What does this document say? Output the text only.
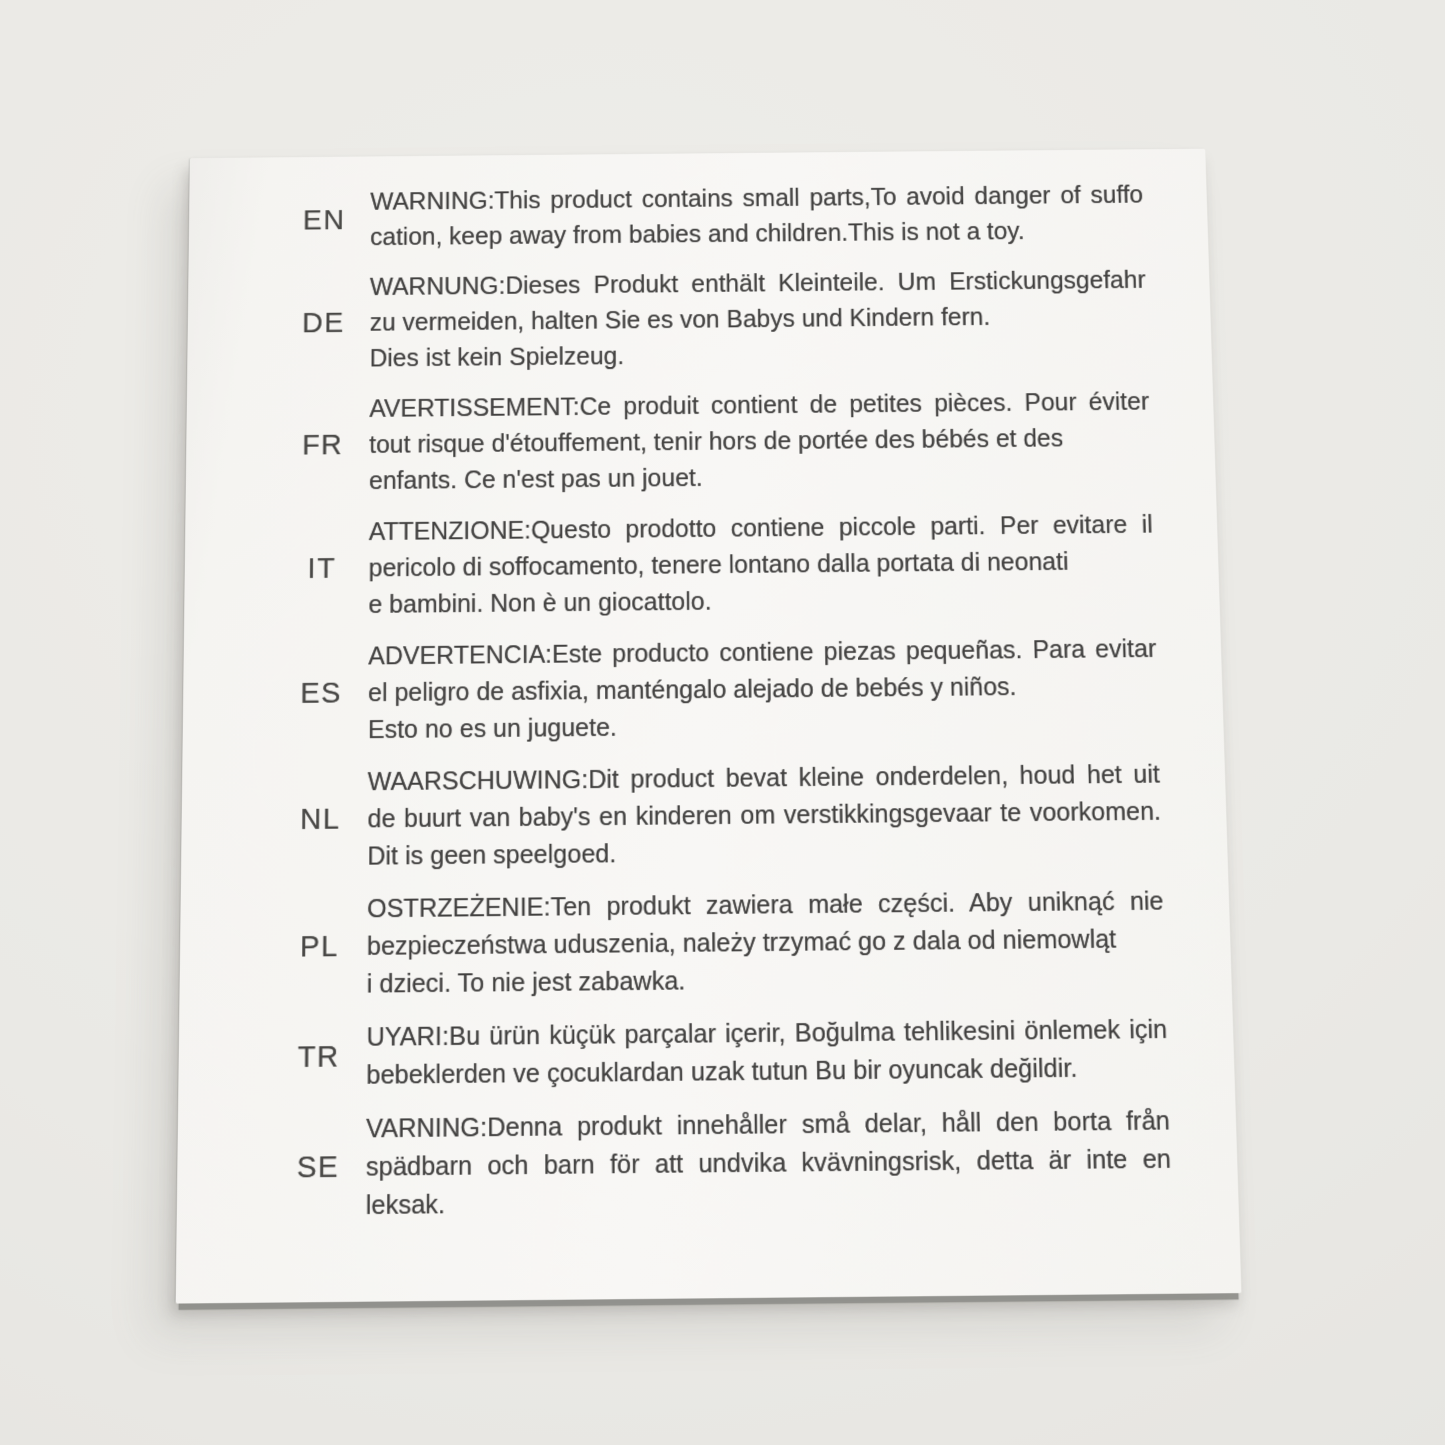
EN
WARNING:This product contains small parts,To avoid danger of suffo
cation, keep away from babies and children.This is not a toy.
DE
WARNUNG:Dieses Produkt enthält Kleinteile. Um Erstickungsgefahr
zu vermeiden, halten Sie es von Babys und Kindern fern.
Dies ist kein Spielzeug.
FR
AVERTISSEMENT:Ce produit contient de petites pièces. Pour éviter
tout risque d'étouffement, tenir hors de portée des bébés et des
enfants. Ce n'est pas un jouet.
IT
ATTENZIONE:Questo prodotto contiene piccole parti. Per evitare il
pericolo di soffocamento, tenere lontano dalla portata di neonati
e bambini. Non è un giocattolo.
ES
ADVERTENCIA:Este producto contiene piezas pequeñas. Para evitar
el peligro de asfixia, manténgalo alejado de bebés y niños.
Esto no es un juguete.
NL
WAARSCHUWING:Dit product bevat kleine onderdelen, houd het uit
de buurt van baby's en kinderen om verstikkingsgevaar te voorkomen.
Dit is geen speelgoed.
PL
OSTRZEŻENIE:Ten produkt zawiera małe części. Aby uniknąć nie
bezpieczeństwa uduszenia, należy trzymać go z dala od niemowląt
i dzieci. To nie jest zabawka.
TR
UYARI:Bu ürün küçük parçalar içerir, Boğulma tehlikesini önlemek için
bebeklerden ve çocuklardan uzak tutun Bu bir oyuncak değildir.
SE
VARNING:Denna produkt innehåller små delar, håll den borta från
spädbarn och barn för att undvika kvävningsrisk, detta är inte en
leksak.
